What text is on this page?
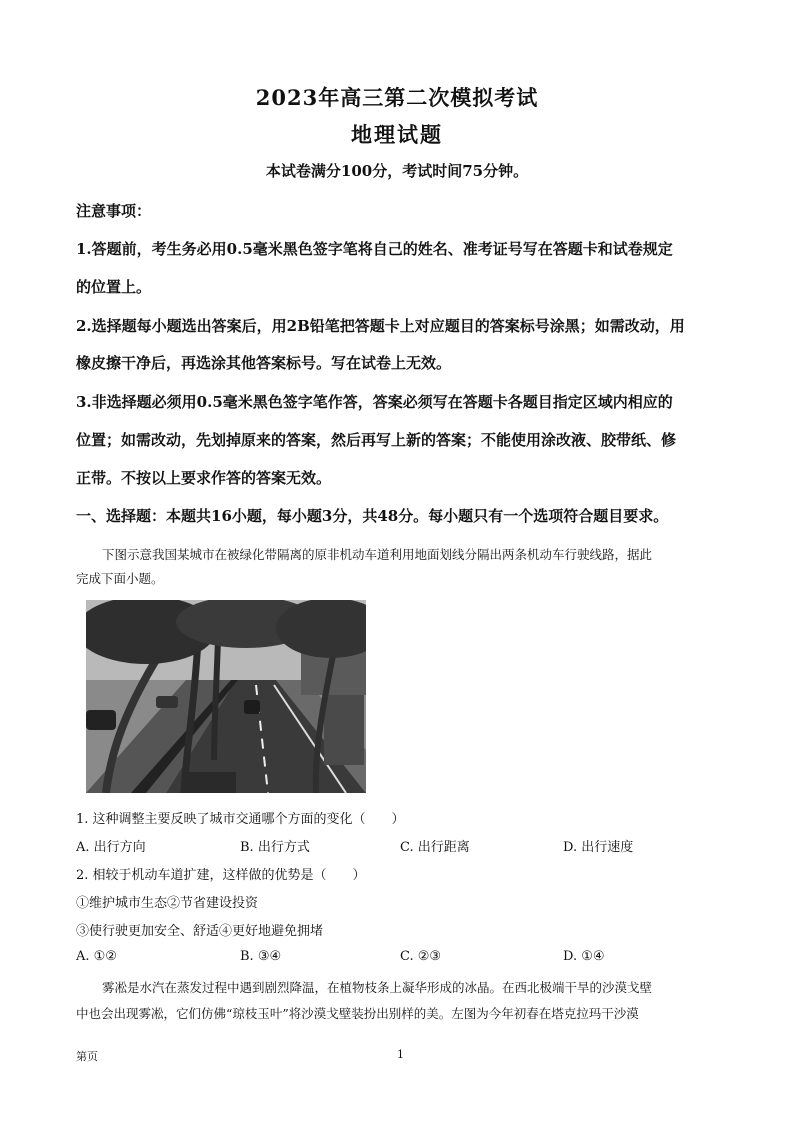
2023年高三第二次模拟考试
地理试题
本试卷满分100分，考试时间75分钟。
注意事项：
1.答题前，考生务必用0.5毫米黑色签字笔将自己的姓名、准考证号写在答题卡和试卷规定
的位置上。
2.选择题每小题选出答案后，用2B铅笔把答题卡上对应题目的答案标号涂黑；如需改动，用
橡皮擦干净后，再选涂其他答案标号。写在试卷上无效。
3.非选择题必须用0.5毫米黑色签字笔作答，答案必须写在答题卡各题目指定区域内相应的
位置；如需改动，先划掉原来的答案，然后再写上新的答案；不能使用涂改液、胶带纸、修
正带。不按以上要求作答的答案无效。
一、选择题：本题共16小题，每小题3分，共48分。每小题只有一个选项符合题目要求。
下图示意我国某城市在被绿化带隔离的原非机动车道利用地面划线分隔出两条机动车行驶线路，据此
完成下面小题。
1. 这种调整主要反映了城市交通哪个方面的变化（　　）
A. 出行方向	B. 出行方式	C. 出行距离	D. 出行速度
2. 相较于机动车道扩建，这样做的优势是（　　）
①维护城市生态②节省建设投资
③使行驶更加安全、舒适④更好地避免拥堵
A. ①②	B. ③④	C. ②③	D. ①④
雾凇是水汽在蒸发过程中遇到剧烈降温，在植物枝条上凝华形成的冰晶。在西北极端干旱的沙漠戈壁
中也会出现雾凇，它们仿佛“琼枝玉叶”将沙漠戈壁装扮出别样的美。左图为今年初春在塔克拉玛干沙漠
第页	1
